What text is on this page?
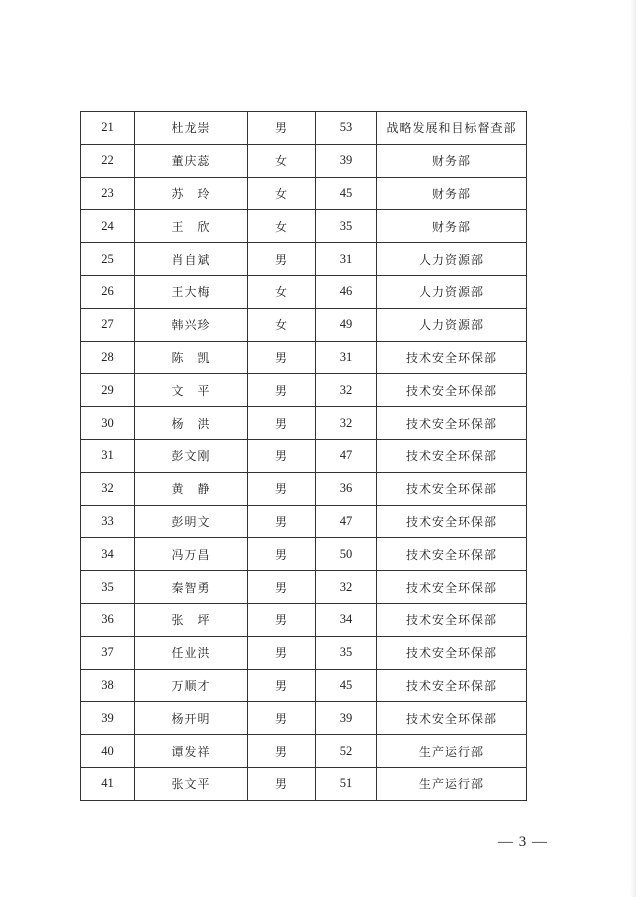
21	杜龙崇	男	53	战略发展和目标督查部
22	董庆蕊	女	39	财务部
23	苏　玲	女	45	财务部
24	王　欣	女	35	财务部
25	肖自斌	男	31	人力资源部
26	王大梅	女	46	人力资源部
27	韩兴珍	女	49	人力资源部
28	陈　凯	男	31	技术安全环保部
29	文　平	男	32	技术安全环保部
30	杨　洪	男	32	技术安全环保部
31	彭文刚	男	47	技术安全环保部
32	黄　静	男	36	技术安全环保部
33	彭明文	男	47	技术安全环保部
34	冯万昌	男	50	技术安全环保部
35	秦智勇	男	32	技术安全环保部
36	张　坪	男	34	技术安全环保部
37	任业洪	男	35	技术安全环保部
38	万顺才	男	45	技术安全环保部
39	杨开明	男	39	技术安全环保部
40	谭发祥	男	52	生产运行部
41	张文平	男	51	生产运行部
— 3 —
